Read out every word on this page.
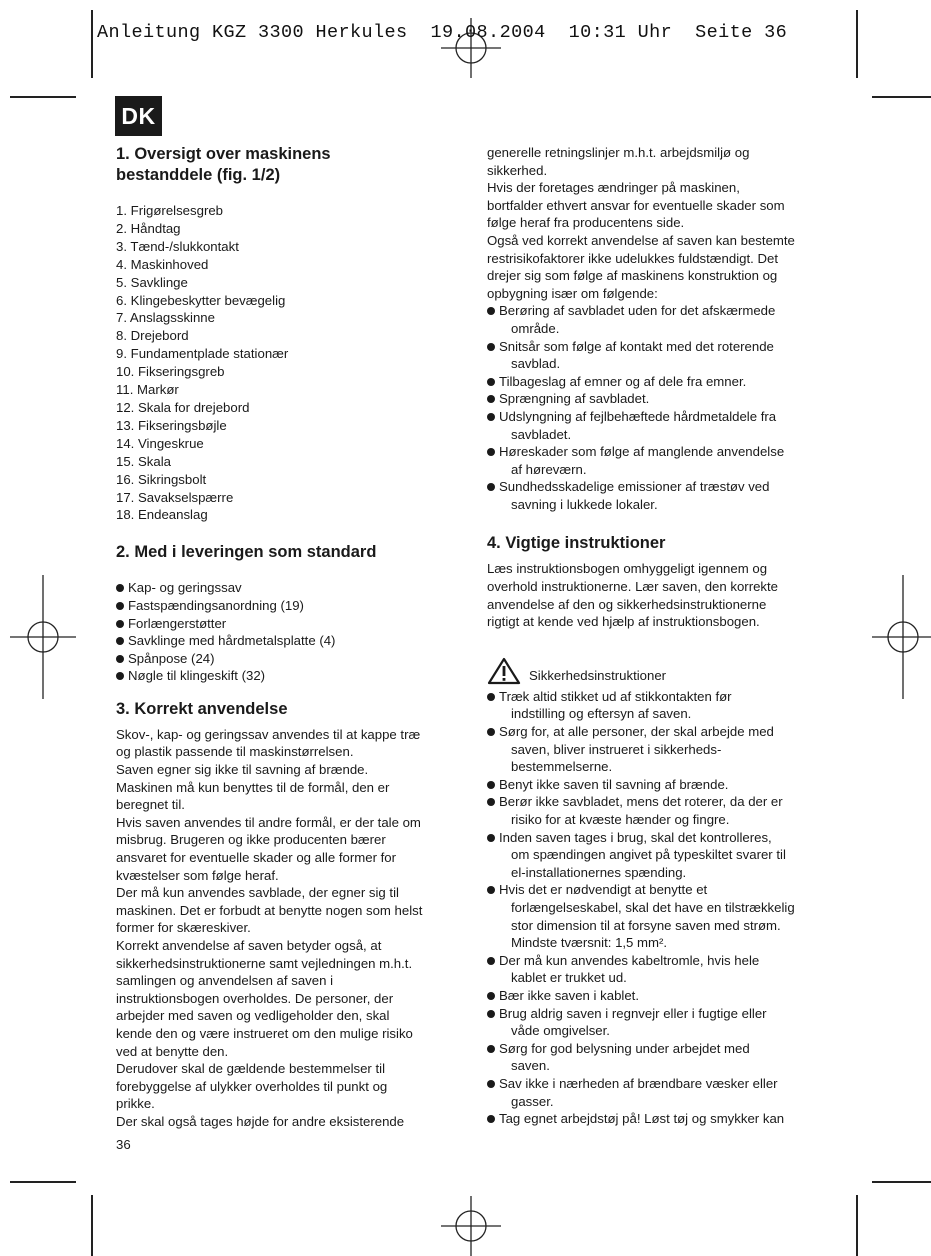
Anleitung KGZ 3300 Herkules  19.08.2004  10:31 Uhr  Seite 36
DK
1. Oversigt over maskinens
bestanddele (fig. 1/2)
1. Frigørelsesgreb
2. Håndtag
3. Tænd-/slukkontakt
4. Maskinhoved
5. Savklinge
6. Klingebeskytter bevægelig
7. Anslagsskinne
8. Drejebord
9. Fundamentplade stationær
10. Fikseringsgreb
11. Markør
12. Skala for drejebord
13. Fikseringsbøjle
14. Vingeskrue
15. Skala
16. Sikringsbolt
17. Savakselspærre
18. Endeanslag
2. Med i leveringen som standard
Kap- og geringssav
Fastspændingsanordning (19)
Forlængerstøtter
Savklinge med hårdmetalsplatte (4)
Spånpose (24)
Nøgle til klingeskift (32)
3. Korrekt anvendelse

Skov-, kap- og geringssav anvendes til at kappe træ

og plastik passende til maskinstørrelsen.

Saven egner sig ikke til savning af brænde.

Maskinen må kun benyttes til de formål, den er

beregnet til.

Hvis saven anvendes til andre formål, er der tale om

misbrug. Brugeren og ikke producenten bærer

ansvaret for eventuelle skader og alle former for

kvæstelser som følge heraf.

Der må kun anvendes savblade, der egner sig til

maskinen. Det er forbudt at benytte nogen som helst

former for skæreskiver.

Korrekt anvendelse af saven betyder også, at

sikkerhedsinstruktionerne samt vejledningen m.h.t.

samlingen og anvendelsen af saven i

instruktionsbogen overholdes. De personer, der

arbejder med saven og vedligeholder den, skal

kende den og være instrueret om den mulige risiko

ved at benytte den.

Derudover skal de gældende bestemmelser til

forebyggelse af ulykker overholdes til punkt og

prikke.

Der skal også tages højde for andre eksisterende

generelle retningslinjer m.h.t. arbejdsmiljø og

sikkerhed.

Hvis der foretages ændringer på maskinen,

bortfalder ethvert ansvar for eventuelle skader som

følge heraf fra producentens side.

Også ved korrekt anvendelse af saven kan bestemte

restrisikofaktorer ikke udelukkes fuldstændigt. Det

drejer sig som følge af maskinens konstruktion og

opbygning især om følgende:

Berøring af savbladet uden for det afskærmede
område.
Snitsår som følge af kontakt med det roterende
savblad.
Tilbageslag af emner og af dele fra emner.
Sprængning af savbladet.
Udslyngning af fejlbehæftede hårdmetaldele fra
savbladet.
Høreskader som følge af manglende anvendelse
af høreværn.
Sundhedsskadelige emissioner af træstøv ved
savning i lukkede lokaler.
4. Vigtige instruktioner

Læs instruktionsbogen omhyggeligt igennem og

overhold instruktionerne. Lær saven, den korrekte

anvendelse af den og sikkerhedsinstruktionerne

rigtigt at kende ved hjælp af instruktionsbogen.

Sikkerhedsinstruktioner
Træk altid stikket ud af stikkontakten før
indstilling og eftersyn af saven.
Sørg for, at alle personer, der skal arbejde med
saven, bliver instrueret i sikkerheds-
bestemmelserne.
Benyt ikke saven til savning af brænde.
Berør ikke savbladet, mens det roterer, da der er
risiko for at kvæste hænder og fingre.
Inden saven tages i brug, skal det kontrolleres,
om spændingen angivet på typeskiltet svarer til
el-installationernes spænding.
Hvis det er nødvendigt at benytte et
forlængelseskabel, skal det have en tilstrækkelig
stor dimension til at forsyne saven med strøm.
Mindste tværsnit: 1,5 mm².
Der må kun anvendes kabeltromle, hvis hele
kablet er trukket ud.
Bær ikke saven i kablet.
Brug aldrig saven i regnvejr eller i fugtige eller
våde omgivelser.
Sørg for god belysning under arbejdet med
saven.
Sav ikke i nærheden af brændbare væsker eller
gasser.
Tag egnet arbejdstøj på! Løst tøj og smykker kan
36
